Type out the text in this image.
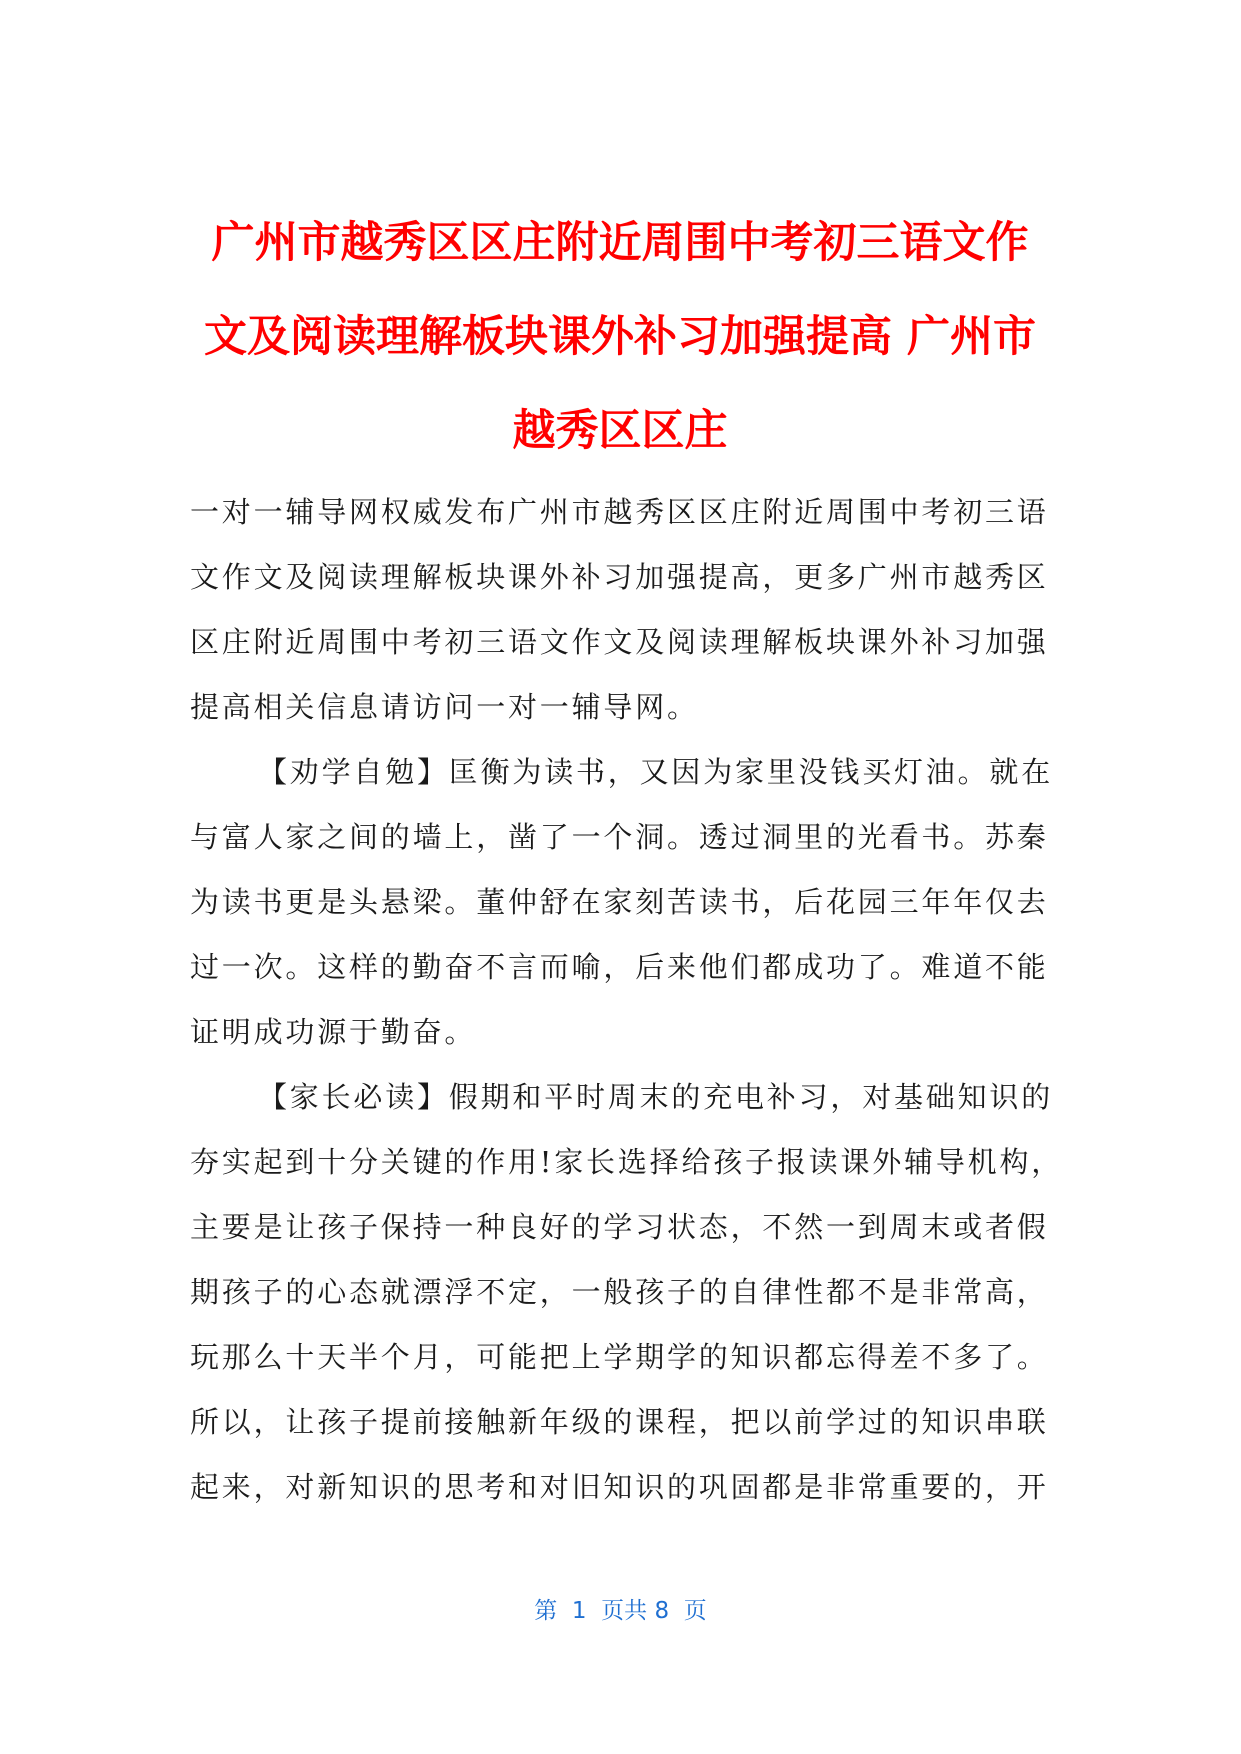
广州市越秀区区庄附近周围中考初三语文作
文及阅读理解板块课外补习加强提高 广州市
越秀区区庄
一对一辅导网权威发布广州市越秀区区庄附近周围中考初三语
文作文及阅读理解板块课外补习加强提高，更多广州市越秀区
区庄附近周围中考初三语文作文及阅读理解板块课外补习加强
提高相关信息请访问一对一辅导网。
【劝学自勉】匡衡为读书，又因为家里没钱买灯油。就在
与富人家之间的墙上，凿了一个洞。透过洞里的光看书。苏秦
为读书更是头悬梁。董仲舒在家刻苦读书，后花园三年年仅去
过一次。这样的勤奋不言而喻，后来他们都成功了。难道不能
证明成功源于勤奋。
【家长必读】假期和平时周末的充电补习，对基础知识的
夯实起到十分关键的作用!家长选择给孩子报读课外辅导机构，
主要是让孩子保持一种良好的学习状态，不然一到周末或者假
期孩子的心态就漂浮不定，一般孩子的自律性都不是非常高，
玩那么十天半个月，可能把上学期学的知识都忘得差不多了。
所以，让孩子提前接触新年级的课程，把以前学过的知识串联
起来，对新知识的思考和对旧知识的巩固都是非常重要的，开
第  1  页共 8  页
